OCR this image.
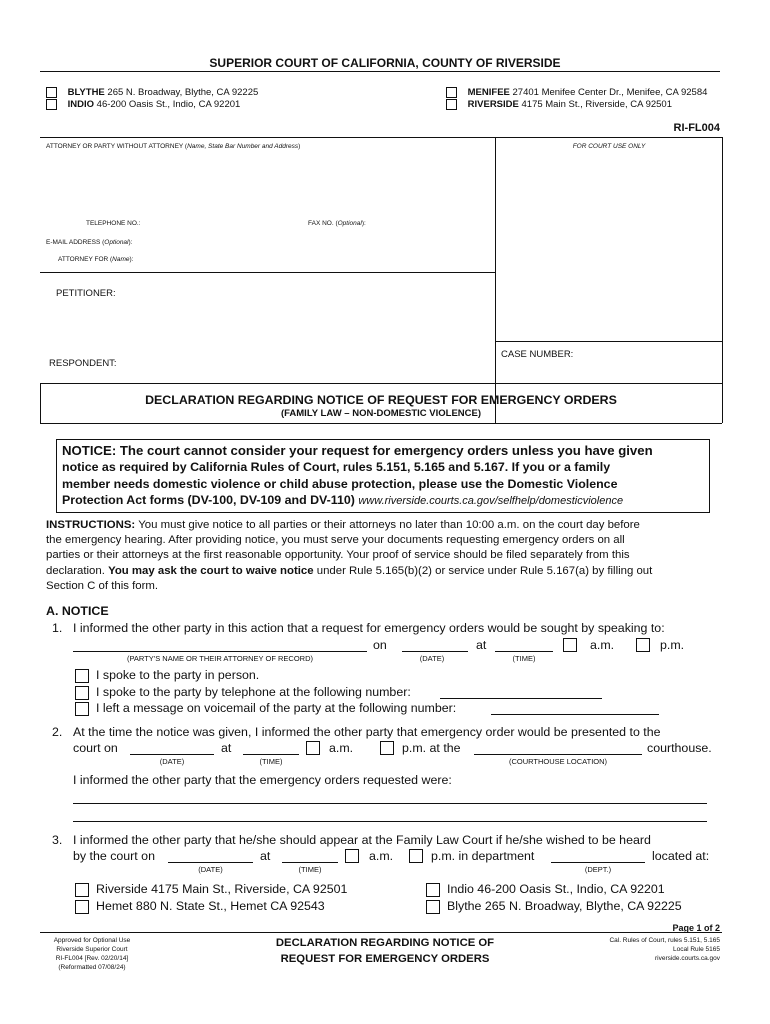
SUPERIOR COURT OF CALIFORNIA, COUNTY OF RIVERSIDE
BLYTHE 265 N. Broadway, Blythe, CA 92225
INDIO 46-200 Oasis St., Indio, CA 92201
MENIFEE 27401 Menifee Center Dr., Menifee, CA 92584
RIVERSIDE 4175 Main St., Riverside, CA 92501
RI-FL004
ATTORNEY OR PARTY WITHOUT ATTORNEY (Name, State Bar Number and Address)	FOR COURT USE ONLY
TELEPHONE NO.:	FAX NO. (Optional):
E-MAIL ADDRESS (Optional):
ATTORNEY FOR (Name):
PETITIONER:
RESPONDENT:
CASE NUMBER:
DECLARATION REGARDING NOTICE OF REQUEST FOR EMERGENCY ORDERS
(FAMILY LAW – NON-DOMESTIC VIOLENCE)
NOTICE: The court cannot consider your request for emergency orders unless you have given
notice as required by California Rules of Court, rules 5.151, 5.165 and 5.167. If you or a family
member needs domestic violence or child abuse protection, please use the Domestic Violence
Protection Act forms (DV-100, DV-109 and DV-110) www.riverside.courts.ca.gov/selfhelp/domesticviolence
INSTRUCTIONS: You must give notice to all parties or their attorneys no later than 10:00 a.m. on the court day before
the emergency hearing. After providing notice, you must serve your documents requesting emergency orders on all
parties or their attorneys at the first reasonable opportunity. Your proof of service should be filed separately from this
declaration. You may ask the court to waive notice under Rule 5.165(b)(2) or service under Rule 5.167(a) by filling out
Section C of this form.
A. NOTICE
1. I informed the other party in this action that a request for emergency orders would be sought by speaking to:
on	at	a.m.	p.m.
(PARTY'S NAME OR THEIR ATTORNEY OF RECORD)	(DATE)	(TIME)
I spoke to the party in person.
I spoke to the party by telephone at the following number:
I left a message on voicemail of the party at the following number:
2. At the time the notice was given, I informed the other party that emergency order would be presented to the
court on	at	a.m.	p.m. at the	courthouse.
(DATE)	(TIME)	(COURTHOUSE LOCATION)
I informed the other party that the emergency orders requested were:
3. I informed the other party that he/she should appear at the Family Law Court if he/she wished to be heard
by the court on	at	a.m.	p.m. in department	located at:
(DATE)	(TIME)	(DEPT.)
Riverside 4175 Main St., Riverside, CA 92501
Hemet 880 N. State St., Hemet CA 92543
Indio 46-200 Oasis St., Indio, CA 92201
Blythe 265 N. Broadway, Blythe, CA 92225
Approved for Optional Use
Riverside Superior Court
RI-FL004 [Rev. 02/20/14]
(Reformatted 07/08/24)
DECLARATION REGARDING NOTICE OF
REQUEST FOR EMERGENCY ORDERS
Page 1 of 2
Cal. Rules of Court, rules 5.151, 5.165
Local Rule 5165
riverside.courts.ca.gov
